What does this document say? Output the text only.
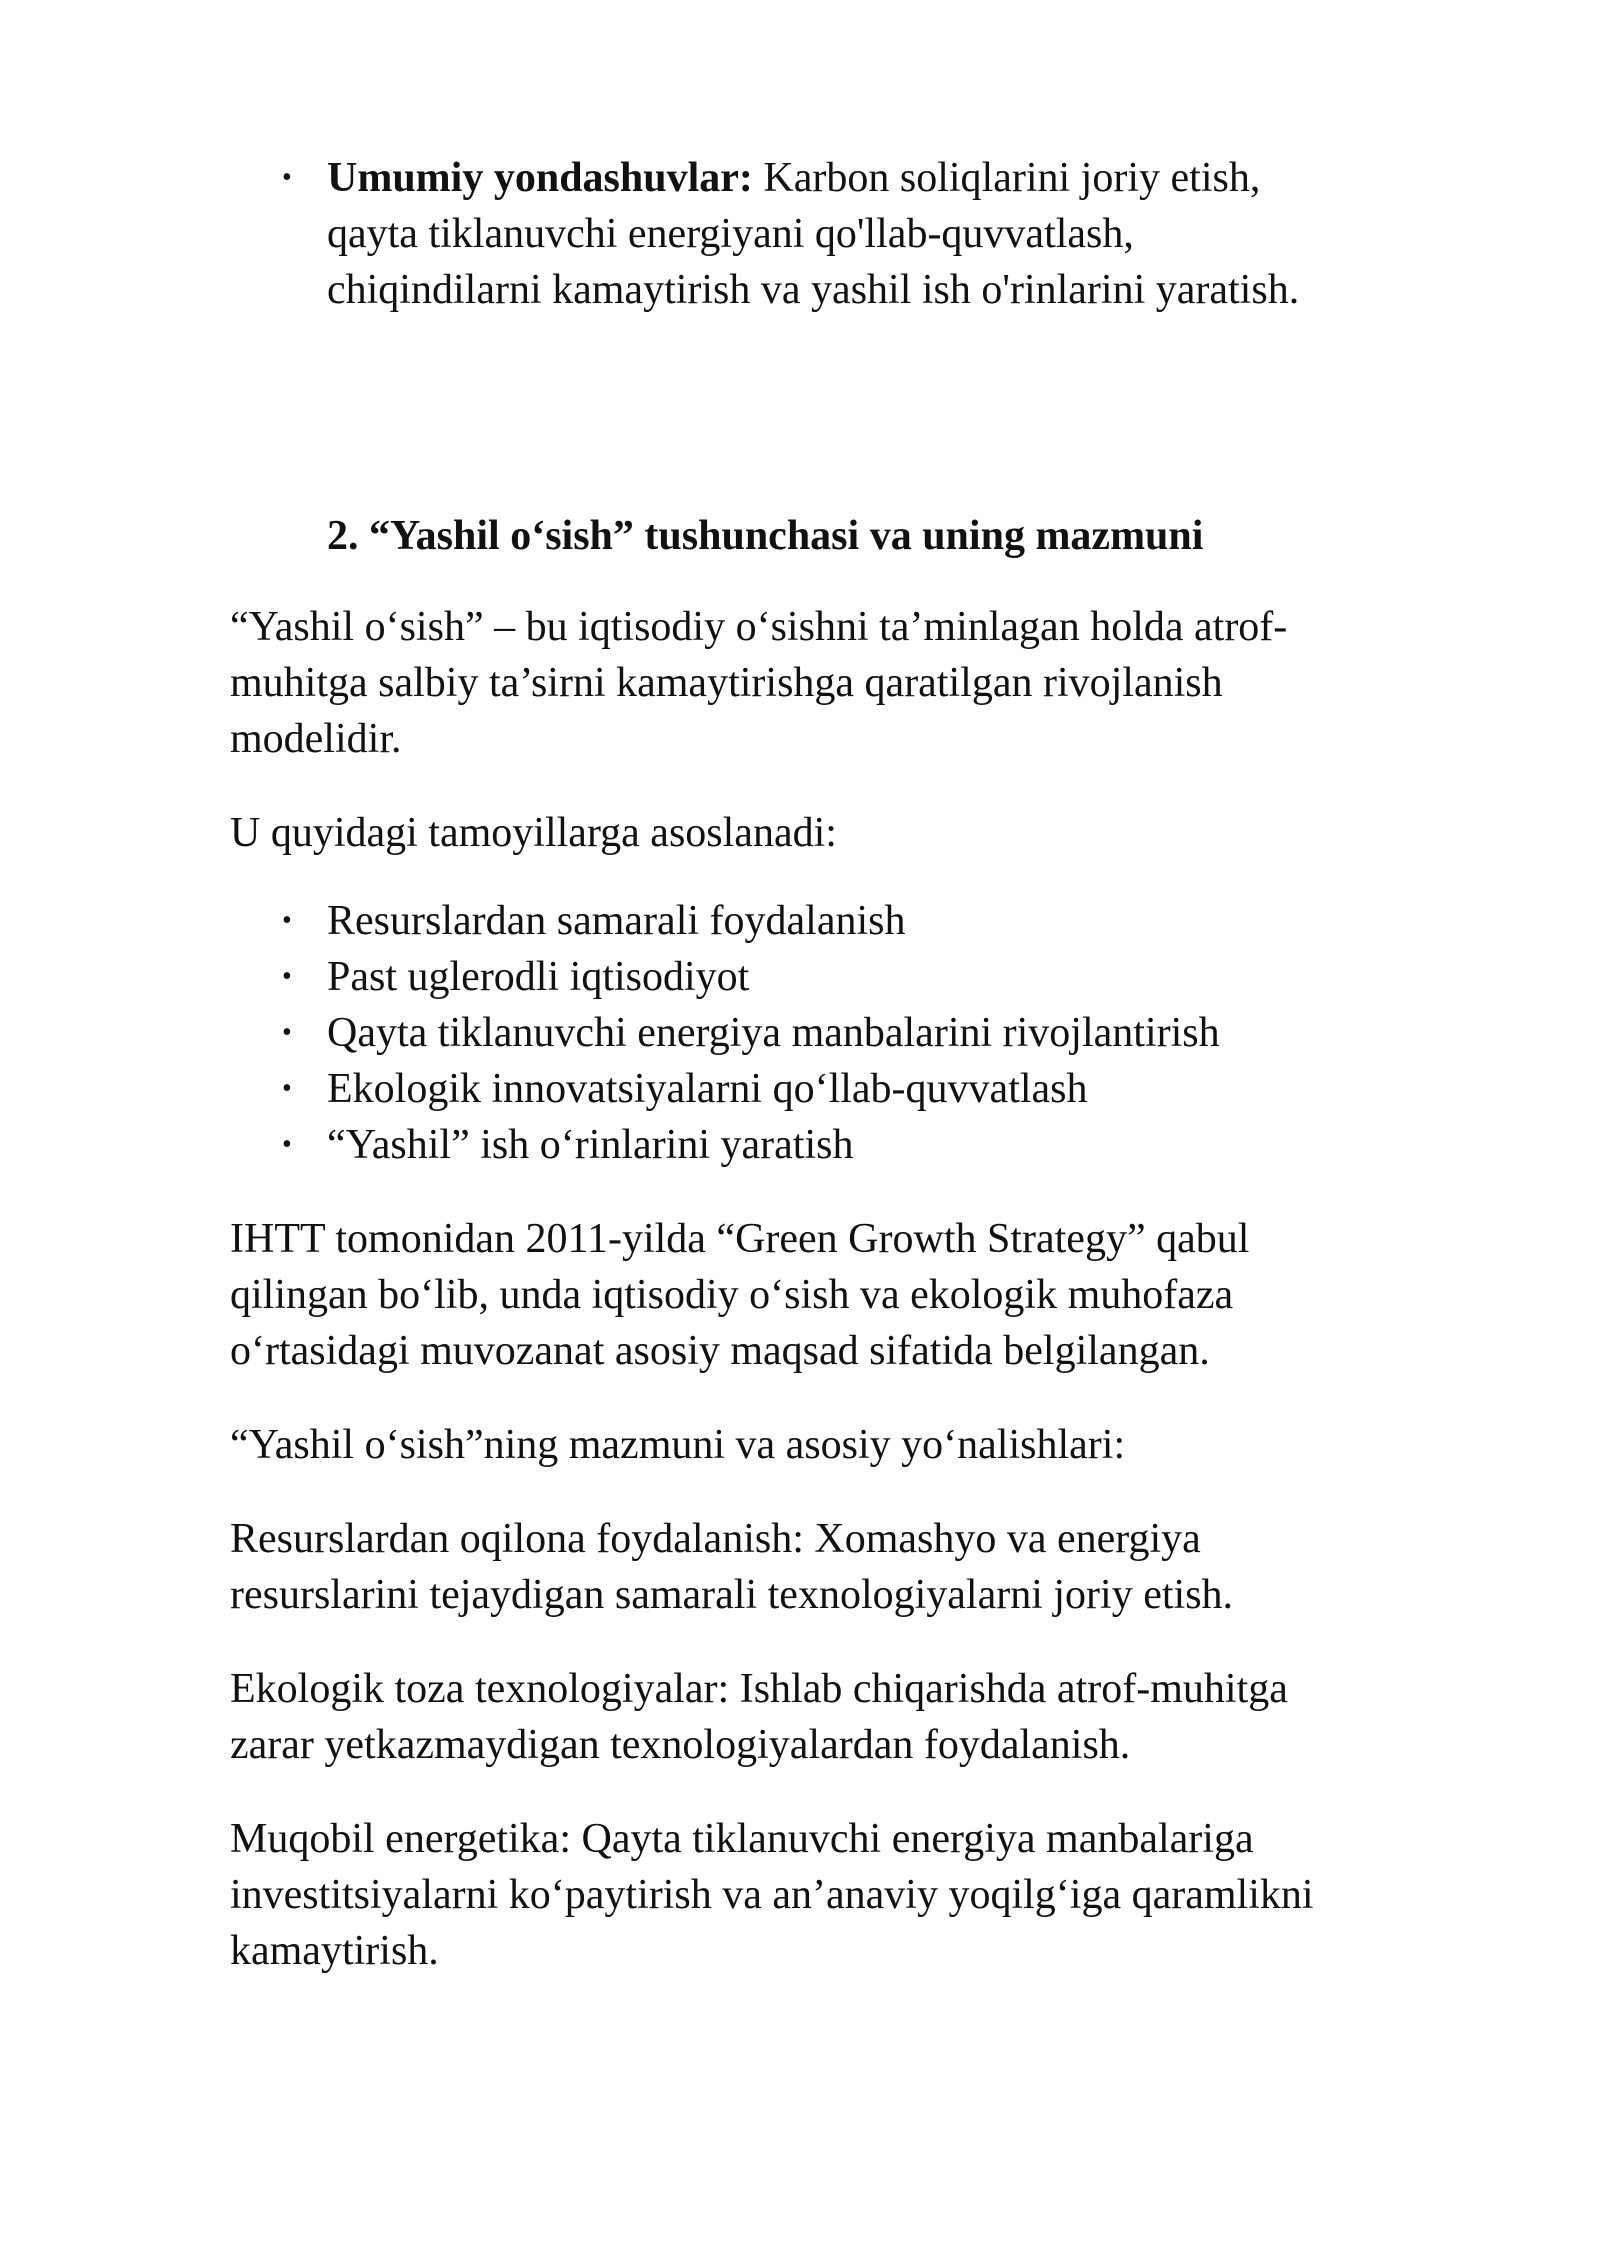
• Umumiy yondashuvlar: Karbon soliqlarini joriy etish,
qayta tiklanuvchi energiyani qo'llab-quvvatlash,
chiqindilarni kamaytirish va yashil ish o'rinlarini yaratish.
2. “Yashil o‘sish” tushunchasi va uning mazmuni

“Yashil o‘sish” – bu iqtisodiy o‘sishni ta’minlagan holda atrof-
muhitga salbiy ta’sirni kamaytirishga qaratilgan rivojlanish
modelidir.

U quyidagi tamoyillarga asoslanadi:

• Resurslardan samarali foydalanish
• Past uglerodli iqtisodiyot
• Qayta tiklanuvchi energiya manbalarini rivojlantirish
• Ekologik innovatsiyalarni qo‘llab-quvvatlash
• “Yashil” ish o‘rinlarini yaratish

IHTT tomonidan 2011-yilda “Green Growth Strategy” qabul
qilingan bo‘lib, unda iqtisodiy o‘sish va ekologik muhofaza
o‘rtasidagi muvozanat asosiy maqsad sifatida belgilangan.

“Yashil o‘sish”ning mazmuni va asosiy yo‘nalishlari:

Resurslardan oqilona foydalanish: Xomashyo va energiya
resurslarini tejaydigan samarali texnologiyalarni joriy etish.

Ekologik toza texnologiyalar: Ishlab chiqarishda atrof-muhitga
zarar yetkazmaydigan texnologiyalardan foydalanish.

Muqobil energetika: Qayta tiklanuvchi energiya manbalariga
investitsiyalarni ko‘paytirish va an’anaviy yoqilg‘iga qaramlikni
kamaytirish.
